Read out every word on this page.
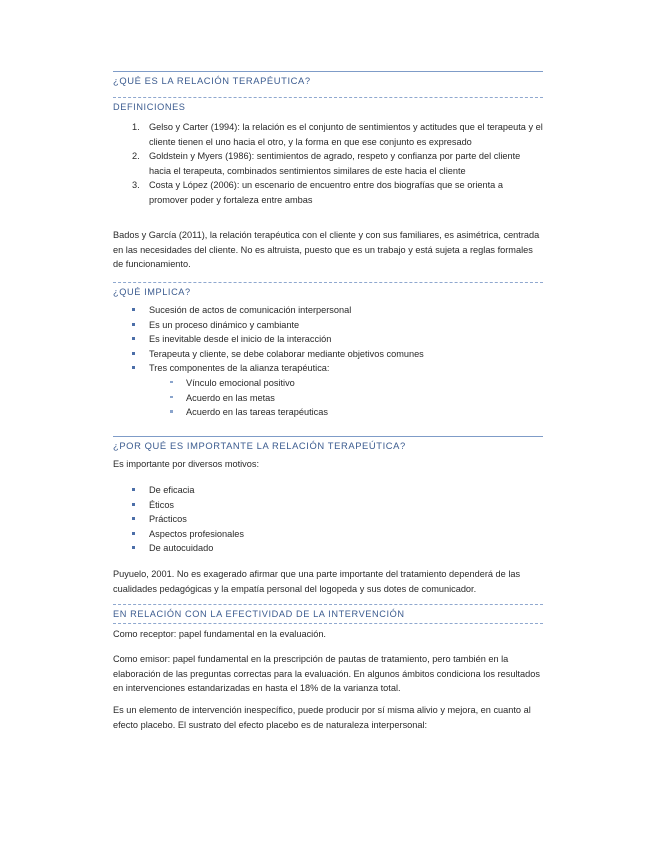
¿QUÉ ES LA RELACIÓN TERAPÉUTICA?
DEFINICIONES
1. Gelso y Carter (1994): la relación es el conjunto de sentimientos y actitudes que el terapeuta y el cliente tienen el uno hacia el otro, y la forma en que ese conjunto es expresado
2. Goldstein y Myers (1986): sentimientos de agrado, respeto y confianza por parte del cliente hacia el terapeuta, combinados sentimientos similares de este hacia el cliente
3. Costa y López (2006): un escenario de encuentro entre dos biografías que se orienta a promover poder y fortaleza entre ambas

Bados y García (2011), la relación terapéutica con el cliente y con sus familiares, es asimétrica, centrada en las necesidades del cliente. No es altruista, puesto que es un trabajo y está sujeta a reglas formales de funcionamiento.

¿QUÉ IMPLICA?
Sucesión de actos de comunicación interpersonal
Es un proceso dinámico y cambiante
Es inevitable desde el inicio de la interacción
Terapeuta y cliente, se debe colaborar mediante objetivos comunes
Tres componentes de la alianza terapéutica:
Vínculo emocional positivo
Acuerdo en las metas
Acuerdo en las tareas terapéuticas
¿POR QUÉ ES IMPORTANTE LA RELACIÓN TERAPEÚTICA?

Es importante por diversos motivos:

De eficacia
Éticos
Prácticos
Aspectos profesionales
De autocuidado

Puyuelo, 2001. No es exagerado afirmar que una parte importante del tratamiento dependerá de las cualidades pedagógicas y la empatía personal del logopeda y sus dotes de comunicador.

EN RELACIÓN CON LA EFECTIVIDAD DE LA INTERVENCIÓN

Como receptor: papel fundamental en la evaluación.

Como emisor: papel fundamental en la prescripción de pautas de tratamiento, pero también en la elaboración de las preguntas correctas para la evaluación. En algunos ámbitos condiciona los resultados en intervenciones estandarizadas en hasta el 18% de la varianza total.

Es un elemento de intervención inespecífico, puede producir por sí misma alivio y mejora, en cuanto al efecto placebo. El sustrato del efecto placebo es de naturaleza interpersonal:
